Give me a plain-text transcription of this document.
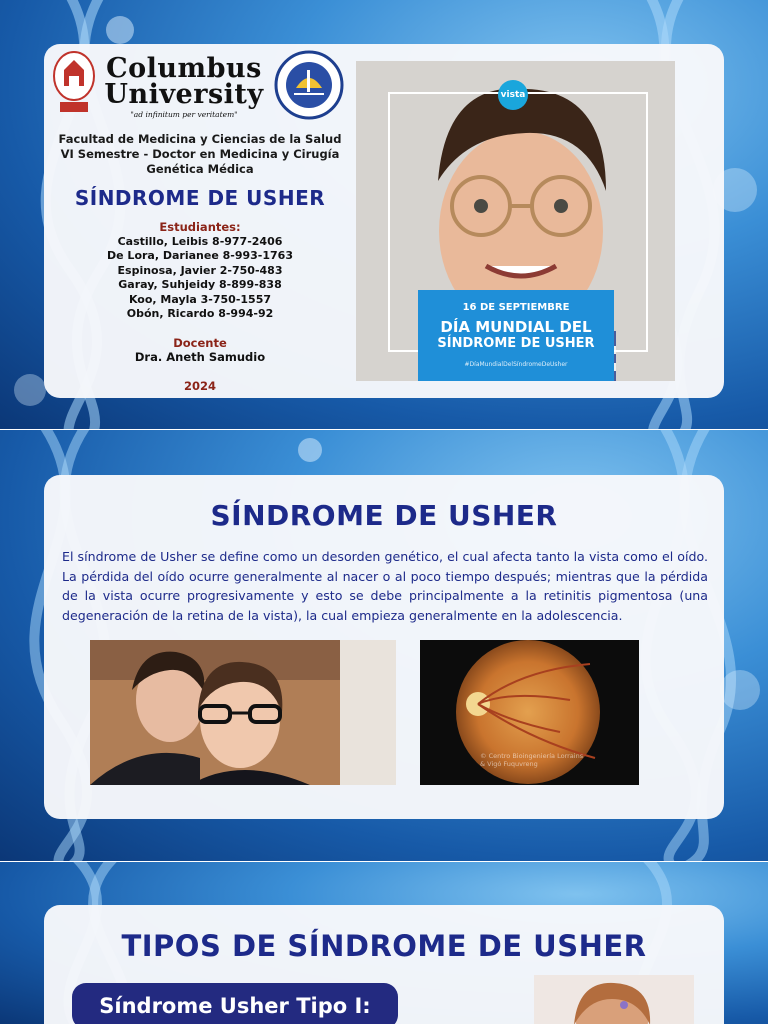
Columbus
University
"ad infinitum per veritatem"
Facultad de Medicina y Ciencias de la Salud
VI Semestre - Doctor en Medicina y Cirugía
Genética Médica
SÍNDROME DE USHER
Estudiantes:
Castillo, Leibis 8-977-2406
De Lora, Darianee 8-993-1763
Espinosa, Javier 2-750-483
Garay, Suhjeidy 8-899-838
Koo, Mayla 3-750-1557
Obón, Ricardo 8-994-92
Docente
Dra. Aneth Samudio
2024
vista
16 DE SEPTIEMBRE
DÍA MUNDIAL DEL
SÍNDROME DE USHER
#DíaMundialDelSíndromeDeUsher
SÍNDROME DE USHER
El síndrome de Usher se define como un desorden genético, el cual afecta tanto la vista como el oído. La pérdida del oído ocurre generalmente al nacer o al poco tiempo después; mientras que la pérdida de la vista ocurre progresivamente y esto se debe principalmente a la retinitis pigmentosa (una degeneración de la retina de la vista), la cual empieza generalmente en la adolescencia.
© Centro Bioingeniería Lorrains
& Vigó Fuquvreng
TIPOS DE SÍNDROME DE USHER
Síndrome Usher Tipo I:
